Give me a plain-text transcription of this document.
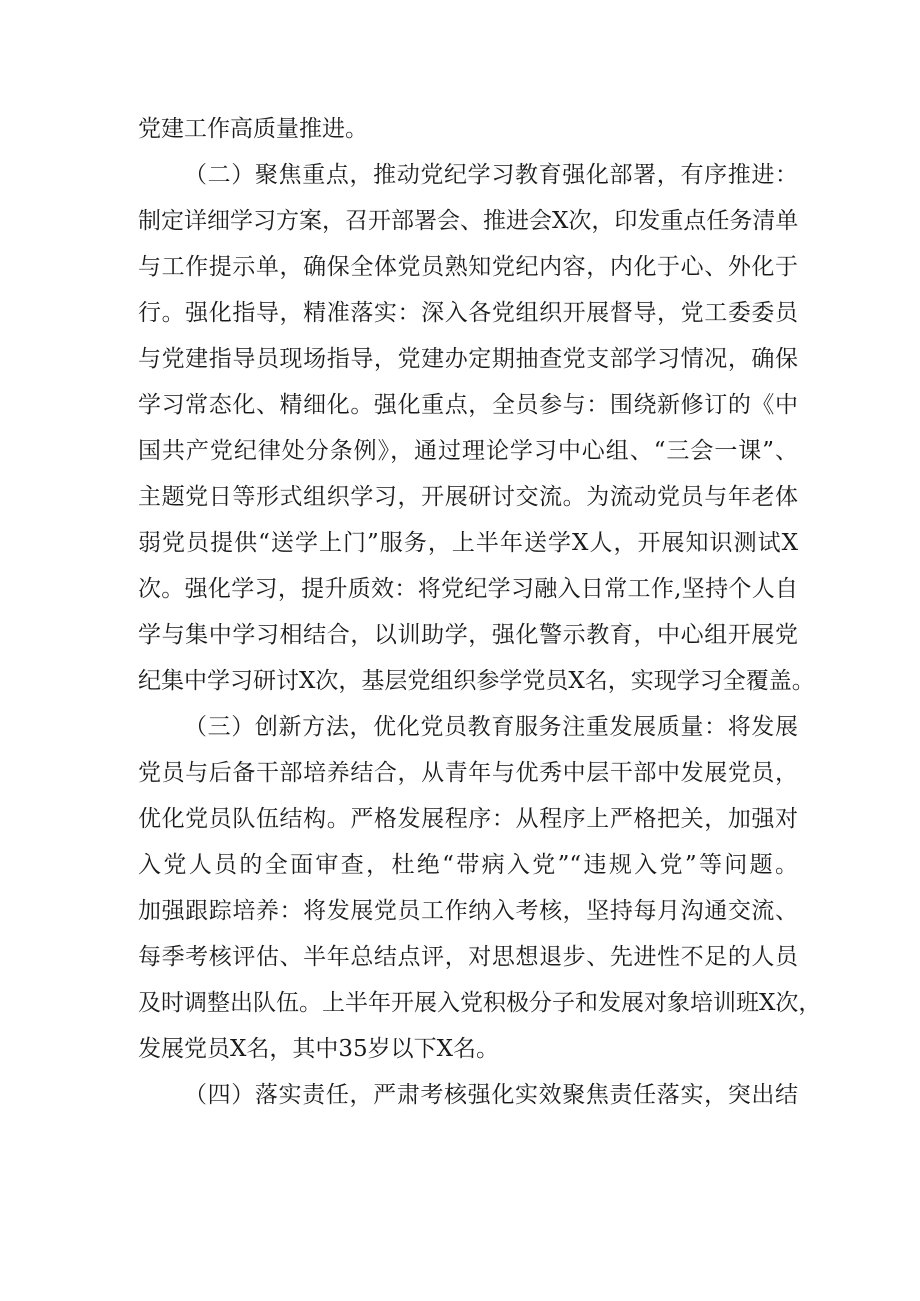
党建工作高质量推进。
（二）聚焦重点，推动党纪学习教育强化部署，有序推进：
制定详细学习方案，召开部署会、推进会X次，印发重点任务清单
与工作提示单，确保全体党员熟知党纪内容，内化于心、外化于
行。强化指导，精准落实：深入各党组织开展督导，党工委委员
与党建指导员现场指导，党建办定期抽查党支部学习情况，确保
学习常态化、精细化。强化重点，全员参与：围绕新修订的《中
国共产党纪律处分条例》，通过理论学习中心组、“三会一课”、
主题党日等形式组织学习，开展研讨交流。为流动党员与年老体
弱党员提供“送学上门”服务，上半年送学X人，开展知识测试X
次。强化学习，提升质效：将党纪学习融入日常工作,坚持个人自
学与集中学习相结合，以训助学，强化警示教育，中心组开展党
纪集中学习研讨X次，基层党组织参学党员X名，实现学习全覆盖。
（三）创新方法，优化党员教育服务注重发展质量：将发展
党员与后备干部培养结合，从青年与优秀中层干部中发展党员，
优化党员队伍结构。严格发展程序：从程序上严格把关，加强对
入党人员的全面审查，杜绝“带病入党”“违规入党”等问题。
加强跟踪培养：将发展党员工作纳入考核，坚持每月沟通交流、
每季考核评估、半年总结点评，对思想退步、先进性不足的人员
及时调整出队伍。上半年开展入党积极分子和发展对象培训班X次，
发展党员X名，其中35岁以下X名。
（四）落实责任，严肃考核强化实效聚焦责任落实，突出结
